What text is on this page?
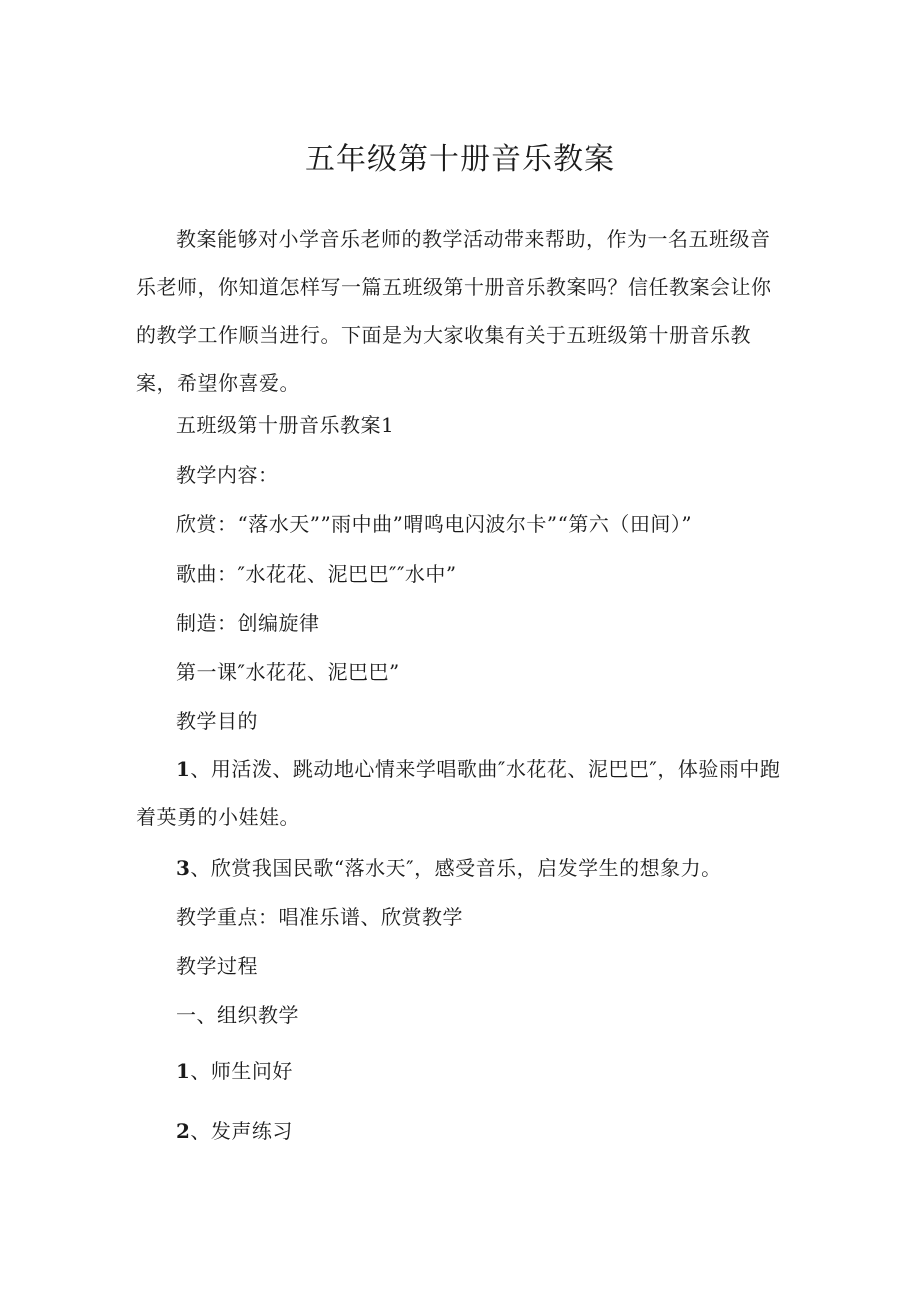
五年级第十册音乐教案

教案能够对小学音乐老师的教学活动带来帮助，作为一名五班级音乐老师，你知道怎样写一篇五班级第十册音乐教案吗？信任教案会让你的教学工作顺当进行。下面是为大家收集有关于五班级第十册音乐教案，希望你喜爱。

五班级第十册音乐教案1

教学内容：

欣赏：“落水天””雨中曲”喟鸣电闪波尔卡”“第六（田间）”

歌曲：″水花花、泥巴巴″″水中”

制造：创编旋律

第一课″水花花、泥巴巴”

教学目的

1、用活泼、跳动地心情来学唱歌曲″水花花、泥巴巴″，体验雨中跑着英勇的小娃娃。

3、欣赏我国民歌“落水天″，感受音乐，启发学生的想象力。

教学重点：唱准乐谱、欣赏教学

教学过程

一、组织教学

1、师生问好

2、发声练习
